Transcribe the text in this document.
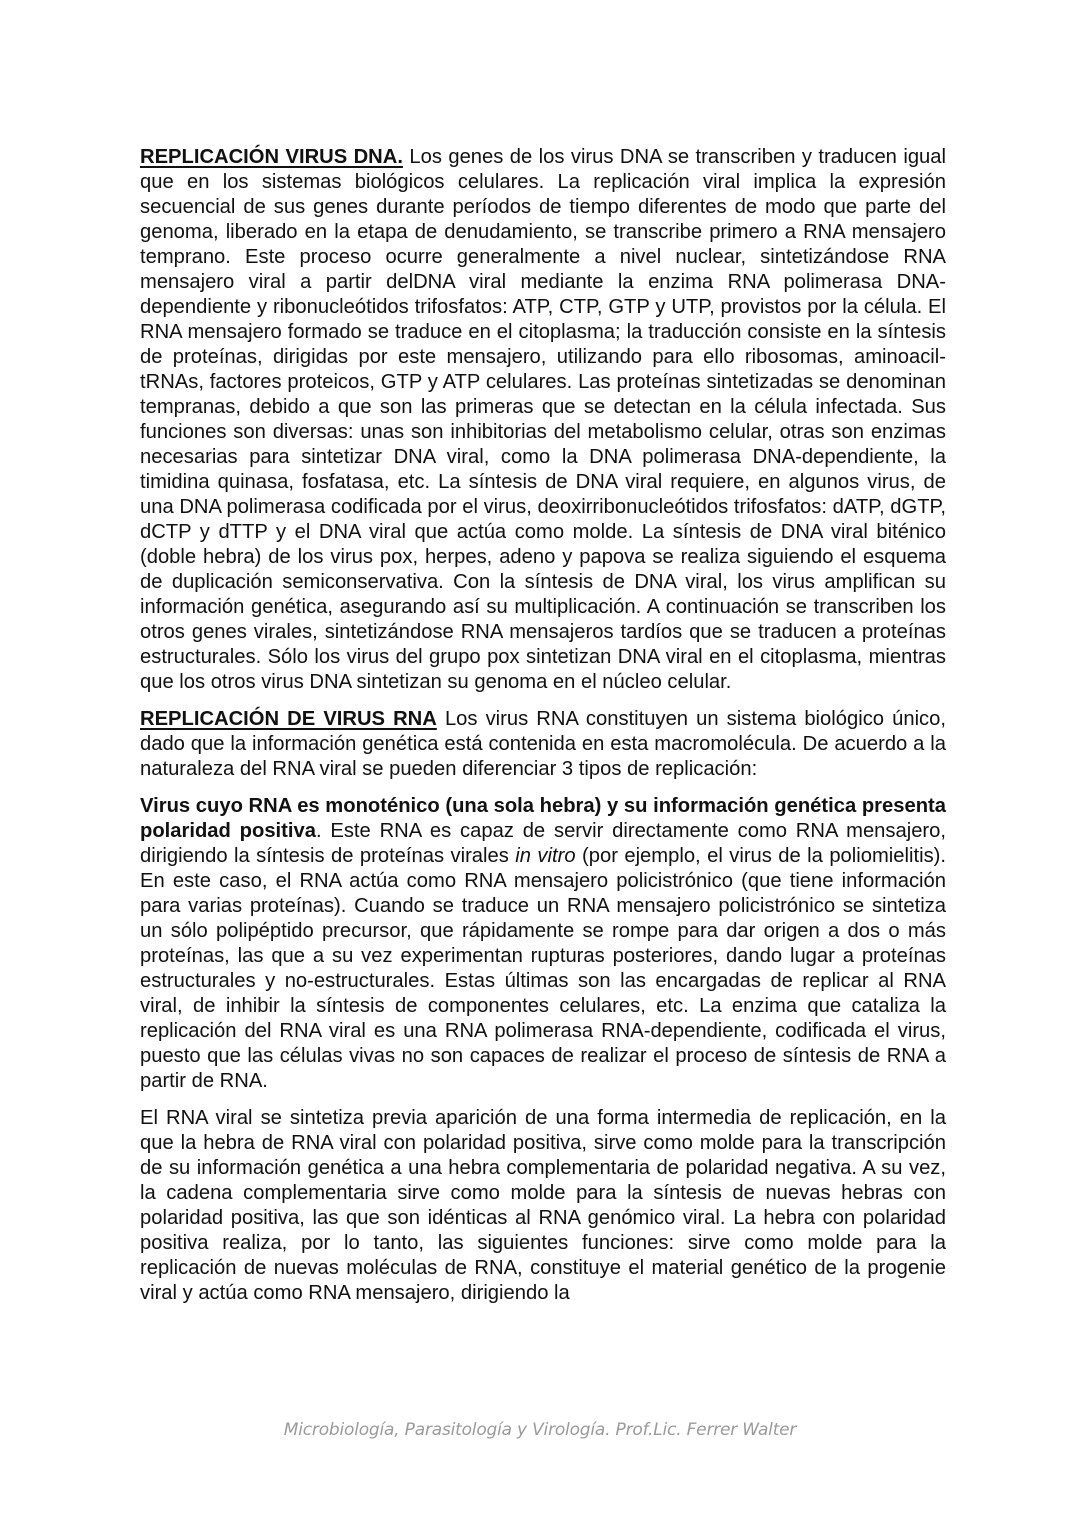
REPLICACIÓN VIRUS DNA. Los genes de los virus DNA se transcriben y traducen igual que en los sistemas biológicos celulares. La replicación viral implica la expresión secuencial de sus genes durante períodos de tiempo diferentes de modo que parte del genoma, liberado en la etapa de denudamiento, se transcribe primero a RNA mensajero temprano. Este proceso ocurre generalmente a nivel nuclear, sintetizándose RNA mensajero viral a partir delDNA viral mediante la enzima RNA polimerasa DNA-dependiente y ribonucleótidos trifosfatos: ATP, CTP, GTP y UTP, provistos por la célula. El RNA mensajero formado se traduce en el citoplasma; la traducción consiste en la síntesis de proteínas, dirigidas por este mensajero, utilizando para ello ribosomas, aminoacil-tRNAs, factores proteicos, GTP y ATP celulares. Las proteínas sintetizadas se denominan tempranas, debido a que son las primeras que se detectan en la célula infectada. Sus funciones son diversas: unas son inhibitorias del metabolismo celular, otras son enzimas necesarias para sintetizar DNA viral, como la DNA polimerasa DNA-dependiente, la timidina quinasa, fosfatasa, etc. La síntesis de DNA viral requiere, en algunos virus, de una DNA polimerasa codificada por el virus, deoxirribonucleótidos trifosfatos: dATP, dGTP, dCTP y dTTP y el DNA viral que actúa como molde. La síntesis de DNA viral biténico (doble hebra) de los virus pox, herpes, adeno y papova se realiza siguiendo el esquema de duplicación semiconservativa. Con la síntesis de DNA viral, los virus amplifican su información genética, asegurando así su multiplicación. A continuación se transcriben los otros genes virales, sintetizándose RNA mensajeros tardíos que se traducen a proteínas estructurales. Sólo los virus del grupo pox sintetizan DNA viral en el citoplasma, mientras que los otros virus DNA sintetizan su genoma en el núcleo celular.

REPLICACIÓN DE VIRUS RNA Los virus RNA constituyen un sistema biológico único, dado que la información genética está contenida en esta macromolécula. De acuerdo a la naturaleza del RNA viral se pueden diferenciar 3 tipos de replicación:

Virus cuyo RNA es monoténico (una sola hebra) y su información genética presenta polaridad positiva. Este RNA es capaz de servir directamente como RNA mensajero, dirigiendo la síntesis de proteínas virales in vitro (por ejemplo, el virus de la poliomielitis). En este caso, el RNA actúa como RNA mensajero policistrónico (que tiene información para varias proteínas). Cuando se traduce un RNA mensajero policistrónico se sintetiza un sólo polipéptido precursor, que rápidamente se rompe para dar origen a dos o más proteínas, las que a su vez experimentan rupturas posteriores, dando lugar a proteínas estructurales y no-estructurales. Estas últimas son las encargadas de replicar al RNA viral, de inhibir la síntesis de componentes celulares, etc. La enzima que cataliza la replicación del RNA viral es una RNA polimerasa RNA-dependiente, codificada el virus, puesto que las células vivas no son capaces de realizar el proceso de síntesis de RNA a partir de RNA.

El RNA viral se sintetiza previa aparición de una forma intermedia de replicación, en la que la hebra de RNA viral con polaridad positiva, sirve como molde para la transcripción de su información genética a una hebra complementaria de polaridad negativa. A su vez, la cadena complementaria sirve como molde para la síntesis de nuevas hebras con polaridad positiva, las que son idénticas al RNA genómico viral. La hebra con polaridad positiva realiza, por lo tanto, las siguientes funciones: sirve como molde para la replicación de nuevas moléculas de RNA, constituye el material genético de la progenie viral y actúa como RNA mensajero, dirigiendo la

Microbiología, Parasitología y Virología. Prof.Lic. Ferrer Walter
